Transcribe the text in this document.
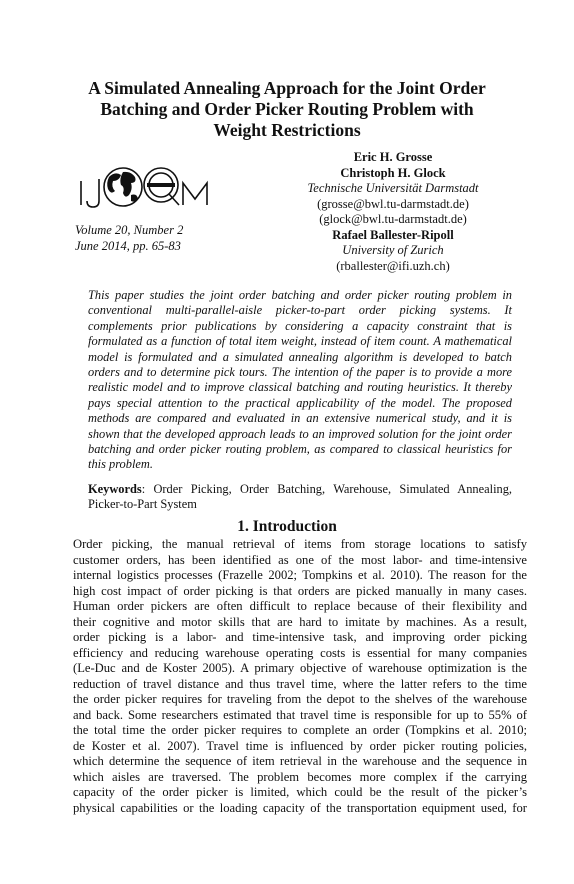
A Simulated Annealing Approach for the Joint Order
Batching and Order Picker Routing Problem with
Weight Restrictions
Volume 20, Number 2
June 2014, pp. 65-83
Eric H. Grosse
Christoph H. Glock
Technische Universität Darmstadt
(grosse@bwl.tu-darmstadt.de)
(glock@bwl.tu-darmstadt.de)
Rafael Ballester-Ripoll
University of Zurich
(rballester@ifi.uzh.ch)
This paper studies the joint order batching and order picker routing problem in conventional multi-parallel-aisle picker-to-part order picking systems. It complements prior publications by considering a capacity constraint that is formulated as a function of total item weight, instead of item count. A mathematical model is formulated and a simulated annealing algorithm is developed to batch orders and to determine pick tours. The intention of the paper is to provide a more realistic model and to improve classical batching and routing heuristics. It thereby pays special attention to the practical applicability of the model. The proposed methods are compared and evaluated in an extensive numerical study, and it is shown that the developed approach leads to an improved solution for the joint order batching and order picker routing problem, as compared to classical heuristics for this problem.
Keywords: Order Picking, Order Batching, Warehouse, Simulated Annealing, Picker-to-Part System
1. Introduction
Order picking, the manual retrieval of items from storage locations to satisfy
customer orders, has been identified as one of the most labor- and time-intensive
internal logistics processes (Frazelle 2002; Tompkins et al. 2010). The reason for the
high cost impact of order picking is that orders are picked manually in many cases.
Human order pickers are often difficult to replace because of their flexibility and
their cognitive and motor skills that are hard to imitate by machines. As a result,
order picking is a labor- and time-intensive task, and improving order picking
efficiency and reducing warehouse operating costs is essential for many companies
(Le-Duc and de Koster 2005). A primary objective of warehouse optimization is the
reduction of travel distance and thus travel time, where the latter refers to the time
the order picker requires for traveling from the depot to the shelves of the warehouse
and back. Some researchers estimated that travel time is responsible for up to 55% of
the total time the order picker requires to complete an order (Tompkins et al. 2010;
de Koster et al. 2007). Travel time is influenced by order picker routing policies,
which determine the sequence of item retrieval in the warehouse and the sequence in
which aisles are traversed. The problem becomes more complex if the carrying
capacity of the order picker is limited, which could be the result of the picker’s
physical capabilities or the loading capacity of the transportation equipment used, for
